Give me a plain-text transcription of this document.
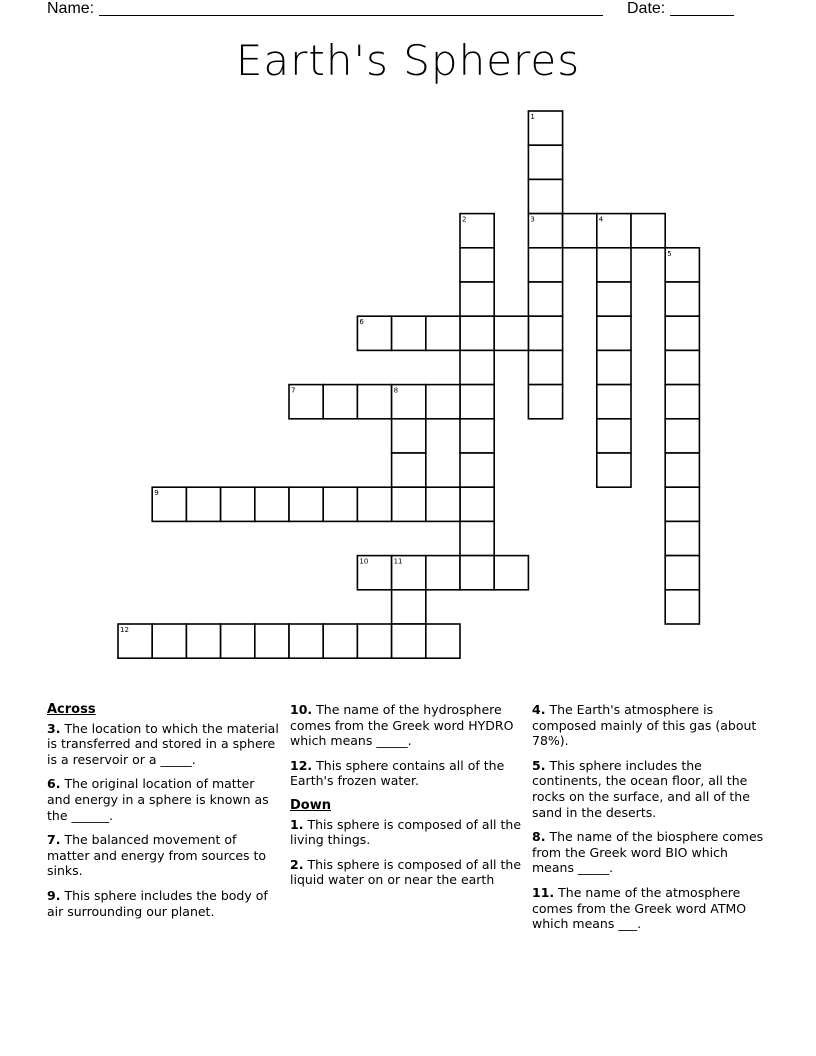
Name:	Date:
Earth's Spheres
1
2	3	4
5
6
7	8
9
10	11
12
Across
3. The location to which the material is transferred and stored in a sphere is a reservoir or a _____.
6. The original location of matter and energy in a sphere is known as the ______.
7. The balanced movement of matter and energy from sources to sinks.
9. This sphere includes the body of air surrounding our planet.
10. The name of the hydrosphere comes from the Greek word HYDRO which means _____.
12. This sphere contains all of the Earth's frozen water.
Down
1. This sphere is composed of all the living things.
2. This sphere is composed of all the liquid water on or near the earth
4. The Earth's atmosphere is composed mainly of this gas (about 78%).
5. This sphere includes the continents, the ocean floor, all the rocks on the surface, and all of the sand in the deserts.
8. The name of the biosphere comes from the Greek word BIO which means _____.
11. The name of the atmosphere comes from the Greek word ATMO which means ___.
